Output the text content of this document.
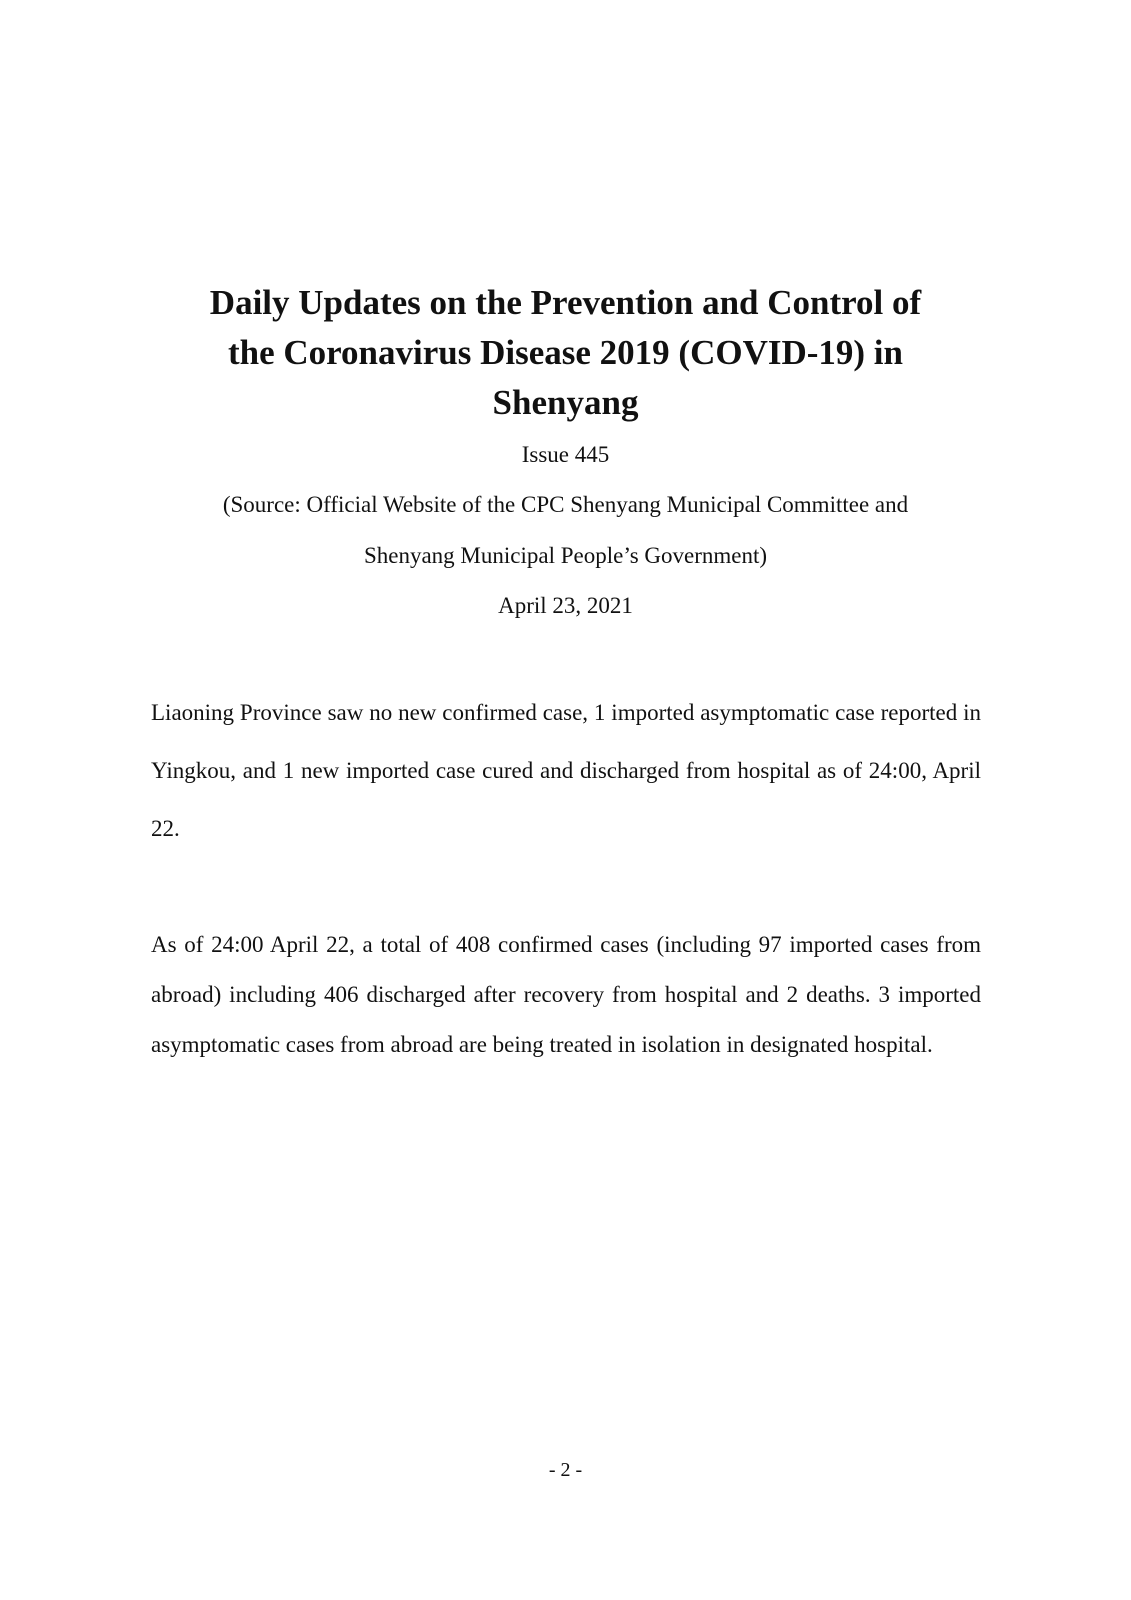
Daily Updates on the Prevention and Control of
the Coronavirus Disease 2019 (COVID-19) in
Shenyang

Issue 445

(Source: Official Website of the CPC Shenyang Municipal Committee and

Shenyang Municipal People’s Government)

April 23, 2021

Liaoning Province saw no new confirmed case, 1 imported asymptomatic case reported in Yingkou, and 1 new imported case cured and discharged from hospital as of 24:00, April 22.

As of 24:00 April 22, a total of 408 confirmed cases (including 97 imported cases from abroad) including 406 discharged after recovery from hospital and 2 deaths. 3 imported asymptomatic cases from abroad are being treated in isolation in designated hospital.

- 2 -
